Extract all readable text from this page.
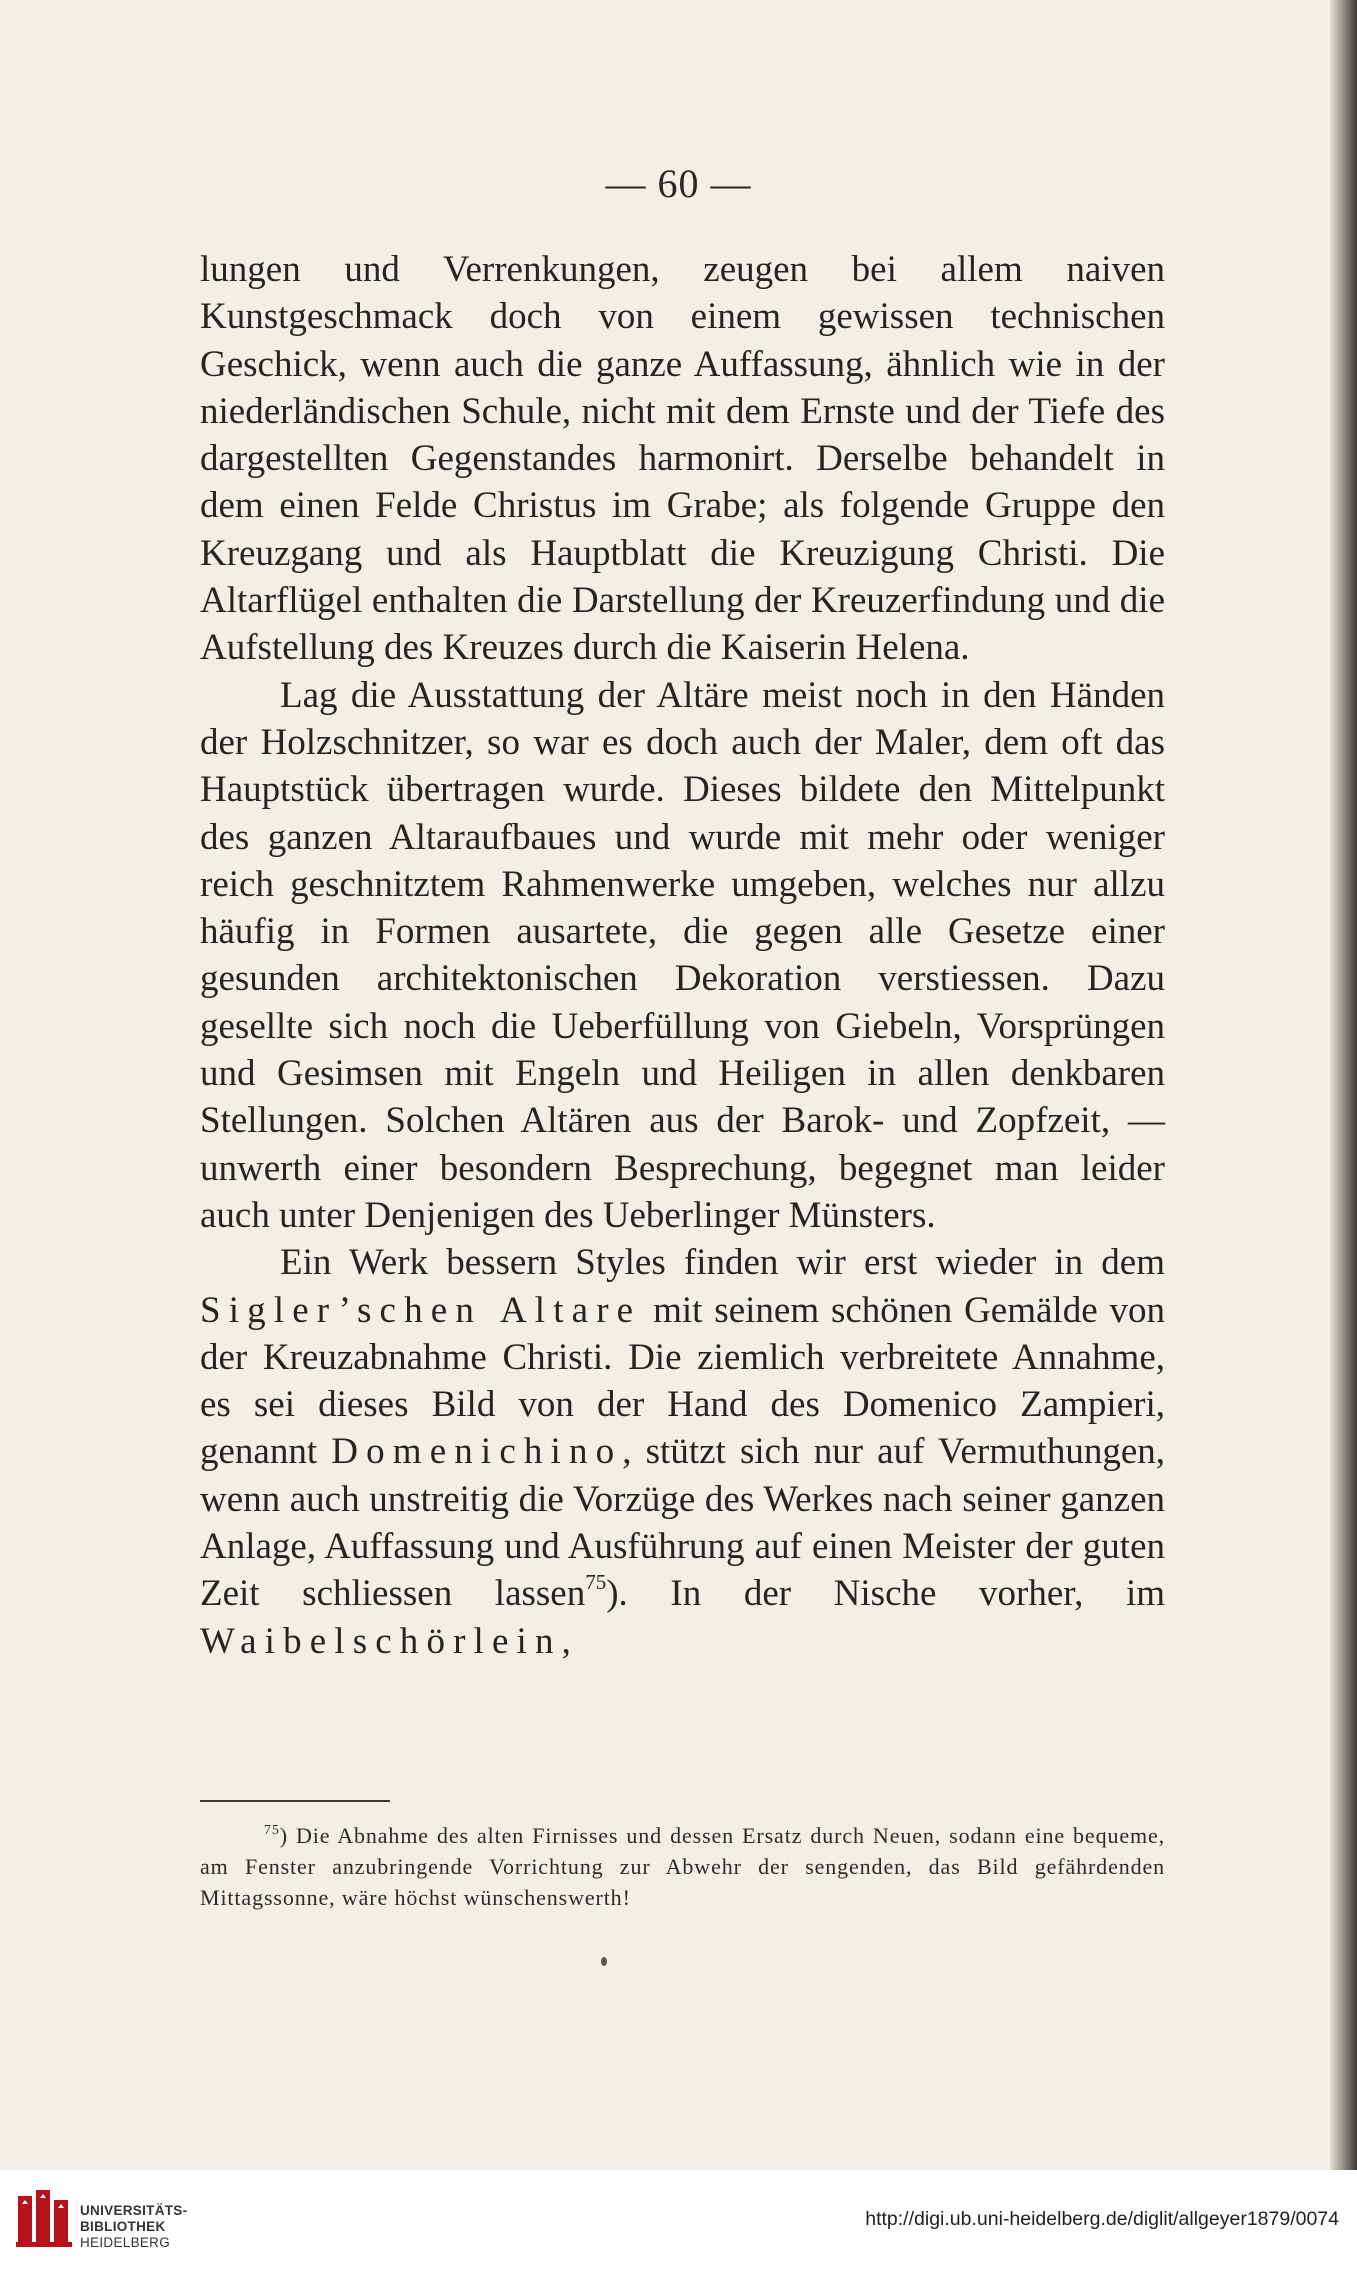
— 60 —

lungen und Verrenkungen, zeugen bei allem naiven Kunstgeschmack doch von einem gewissen technischen Geschick, wenn auch die ganze Auffassung, ähnlich wie in der niederländischen Schule, nicht mit dem Ernste und der Tiefe des dargestellten Gegenstandes harmonirt. Derselbe behandelt in dem einen Felde Christus im Grabe; als folgende Gruppe den Kreuzgang und als Hauptblatt die Kreuzigung Christi. Die Altarflügel enthalten die Darstellung der Kreuzerfindung und die Aufstellung des Kreuzes durch die Kaiserin Helena.

Lag die Ausstattung der Altäre meist noch in den Händen der Holzschnitzer, so war es doch auch der Maler, dem oft das Hauptstück übertragen wurde. Dieses bildete den Mittelpunkt des ganzen Altaraufbaues und wurde mit mehr oder weniger reich geschnitztem Rahmenwerke umgeben, welches nur allzu häufig in Formen ausartete, die gegen alle Gesetze einer gesunden architektonischen Dekoration verstiessen. Dazu gesellte sich noch die Ueberfüllung von Giebeln, Vorsprüngen und Gesimsen mit Engeln und Heiligen in allen denkbaren Stellungen. Solchen Altären aus der Barok- und Zopfzeit, — unwerth einer besondern Besprechung, begegnet man leider auch unter Denjenigen des Ueberlinger Münsters.

Ein Werk bessern Styles finden wir erst wieder in dem Sigler’schen Altare mit seinem schönen Gemälde von der Kreuzabnahme Christi. Die ziemlich verbreitete Annahme, es sei dieses Bild von der Hand des Domenico Zampieri, genannt Domenichino, stützt sich nur auf Vermuthungen, wenn auch unstreitig die Vorzüge des Werkes nach seiner ganzen Anlage, Auffassung und Ausführung auf einen Meister der guten Zeit schliessen lassen$^{75}$). In der Nische vorher, im Waibelschörlein,

$^{75}$) Die Abnahme des alten Firnisses und dessen Ersatz durch Neuen, sodann eine bequeme, am Fenster anzubringende Vorrichtung zur Abwehr der sengenden, das Bild gefährdenden Mittagssonne, wäre höchst wünschenswerth!

UNIVERSITÄTS-
BIBLIOTHEK
HEIDELBERG
http://digi.ub.uni-heidelberg.de/diglit/allgeyer1879/0074
